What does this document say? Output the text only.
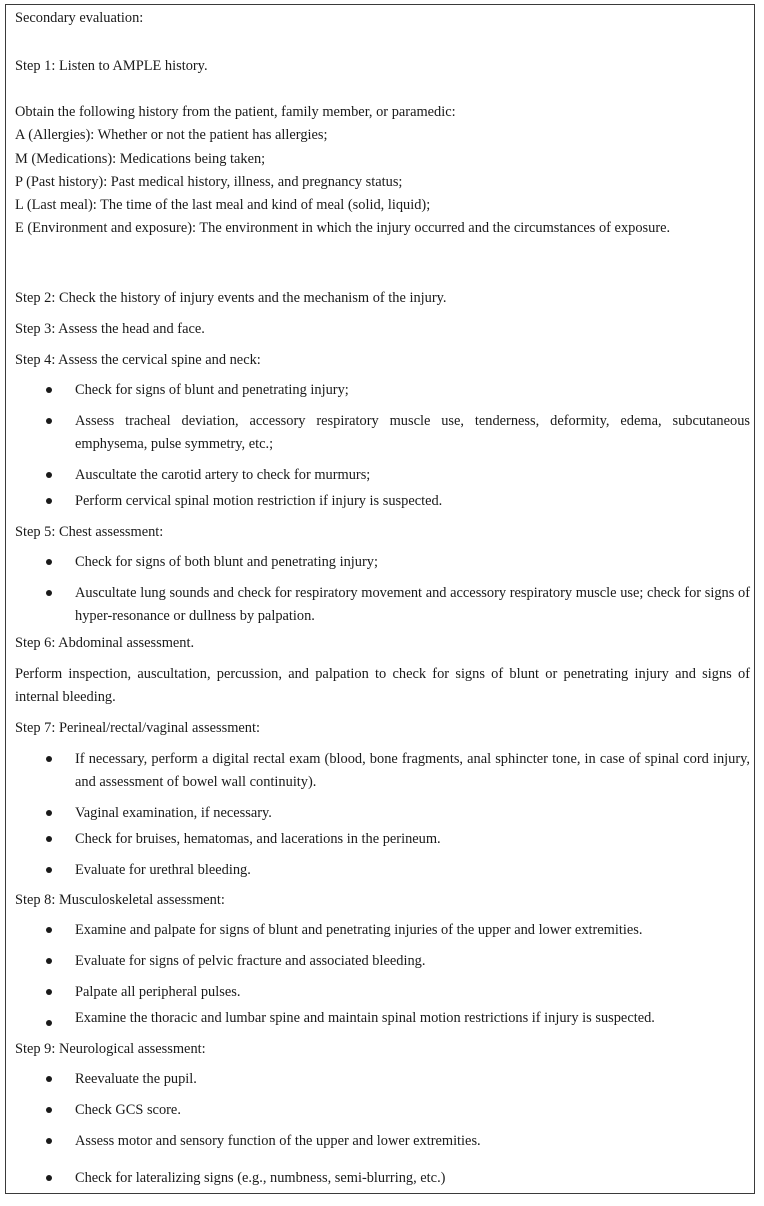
Secondary evaluation:
Step 1: Listen to AMPLE history.
Obtain the following history from the patient, family member, or paramedic:
A (Allergies): Whether or not the patient has allergies;
M (Medications): Medications being taken;
P (Past history): Past medical history, illness, and pregnancy status;
L (Last meal): The time of the last meal and kind of meal (solid, liquid);
E (Environment and exposure): The environment in which the injury occurred and the circumstances of exposure.
Step 2: Check the history of injury events and the mechanism of the injury.
Step 3: Assess the head and face.
Step 4: Assess the cervical spine and neck:
Check for signs of blunt and penetrating injury;
Assess tracheal deviation, accessory respiratory muscle use, tenderness, deformity, edema, subcutaneous emphysema, pulse symmetry, etc.;
Auscultate the carotid artery to check for murmurs;
Perform cervical spinal motion restriction if injury is suspected.
Step 5: Chest assessment:
Check for signs of both blunt and penetrating injury;
Auscultate lung sounds and check for respiratory movement and accessory respiratory muscle use; check for signs of hyper-resonance or dullness by palpation.
Step 6: Abdominal assessment.
Perform inspection, auscultation, percussion, and palpation to check for signs of blunt or penetrating injury and signs of internal bleeding.
Step 7: Perineal/rectal/vaginal assessment:
If necessary, perform a digital rectal exam (blood, bone fragments, anal sphincter tone, in case of spinal cord injury, and assessment of bowel wall continuity).
Vaginal examination, if necessary.
Check for bruises, hematomas, and lacerations in the perineum.
Evaluate for urethral bleeding.
Step 8: Musculoskeletal assessment:
Examine and palpate for signs of blunt and penetrating injuries of the upper and lower extremities.
Evaluate for signs of pelvic fracture and associated bleeding.
Palpate all peripheral pulses.
Examine the thoracic and lumbar spine and maintain spinal motion restrictions if injury is suspected.
Step 9: Neurological assessment:
Reevaluate the pupil.
Check GCS score.
Assess motor and sensory function of the upper and lower extremities.
Check for lateralizing signs (e.g., numbness, semi-blurring, etc.)
